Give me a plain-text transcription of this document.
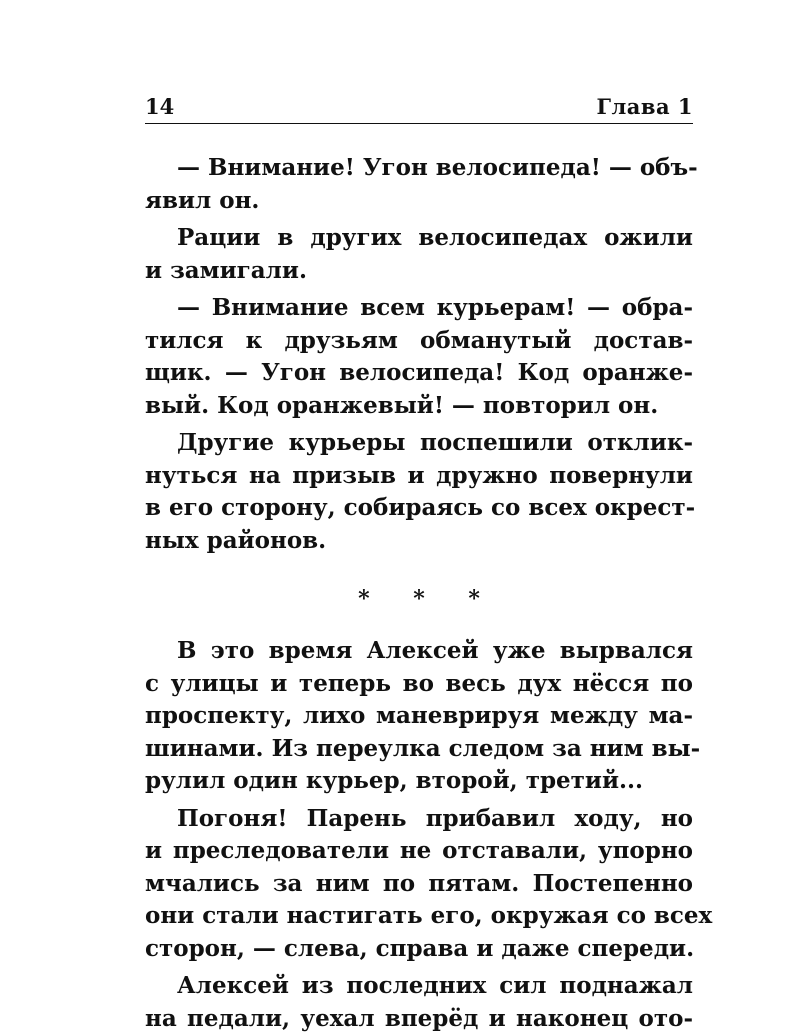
14	Глава 1

— Внимание! Угон велосипеда! — объ-
явил он.

Рации в других велосипедах ожили
и замигали.

— Внимание всем курьерам! — обра-
тился к друзьям обманутый достав-
щик. — Угон велосипеда! Код оранже-
вый. Код оранжевый! — повторил он.

Другие курьеры поспешили отклик-
нуться на призыв и дружно повернули
в его сторону, собираясь со всех окрест-
ных районов.

* * *

В это время Алексей уже вырвался
с улицы и теперь во весь дух нёсся по
проспекту, лихо маневрируя между ма-
шинами. Из переулка следом за ним вы-
рулил один курьер, второй, третий...

Погоня! Парень прибавил ходу, но
и преследователи не отставали, упорно
мчались за ним по пятам. Постепенно
они стали настигать его, окружая со всех
сторон, — слева, справа и даже спереди.

Алексей из последних сил поднажал
на педали, уехал вперёд и наконец ото-
